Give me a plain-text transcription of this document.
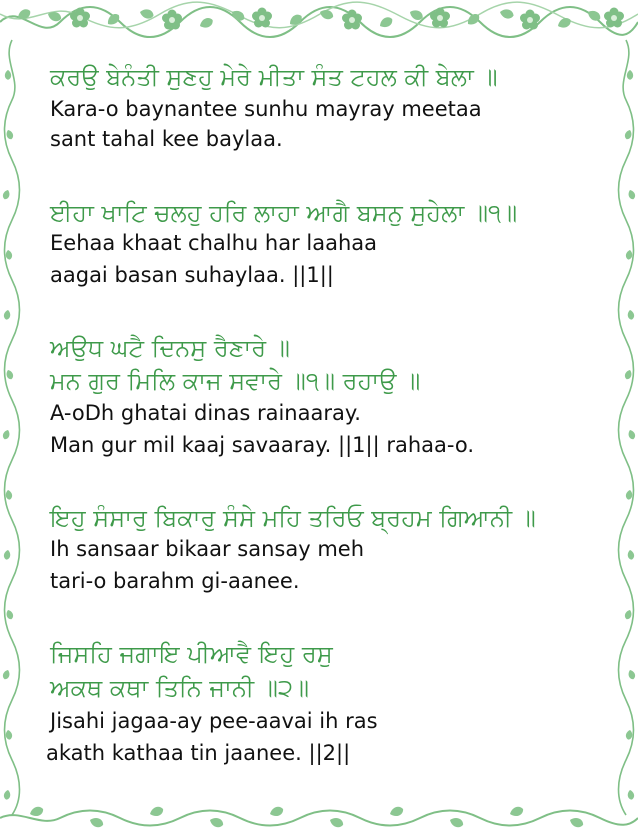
ਕਰਉ ਬੇਨੰਤੀ ਸੁਣਹੁ ਮੇਰੇ ਮੀਤਾ ਸੰਤ ਟਹਲ ਕੀ ਬੇਲਾ ॥
Kara-o baynantee sunhu mayray meetaa
sant tahal kee baylaa.
ਈਹਾ ਖਾਟਿ ਚਲਹੁ ਹਰਿ ਲਾਹਾ ਆਗੈ ਬਸਨੁ ਸੁਹੇਲਾ ॥੧॥
Eehaa khaat chalhu har laahaa
aagai basan suhaylaa. ||1||
ਅਉਧ ਘਟੈ ਦਿਨਸੁ ਰੈਣਾਰੇ ॥
ਮਨ ਗੁਰ ਮਿਲਿ ਕਾਜ ਸਵਾਰੇ ॥੧॥ ਰਹਾਉ ॥
A-oDh ghatai dinas rainaaray.
Man gur mil kaaj savaaray. ||1|| rahaa-o.
ਇਹੁ ਸੰਸਾਰੁ ਬਿਕਾਰੁ ਸੰਸੇ ਮਹਿ ਤਰਿਓ ਬ੍ਰਹਮ ਗਿਆਨੀ ॥
Ih sansaar bikaar sansay meh
tari-o barahm gi-aanee.
ਜਿਸਹਿ ਜਗਾਇ ਪੀਆਵੈ ਇਹੁ ਰਸੁ
ਅਕਥ ਕਥਾ ਤਿਨਿ ਜਾਨੀ ॥੨॥
Jisahi jagaa-ay pee-aavai ih ras
akath kathaa tin jaanee. ||2||
